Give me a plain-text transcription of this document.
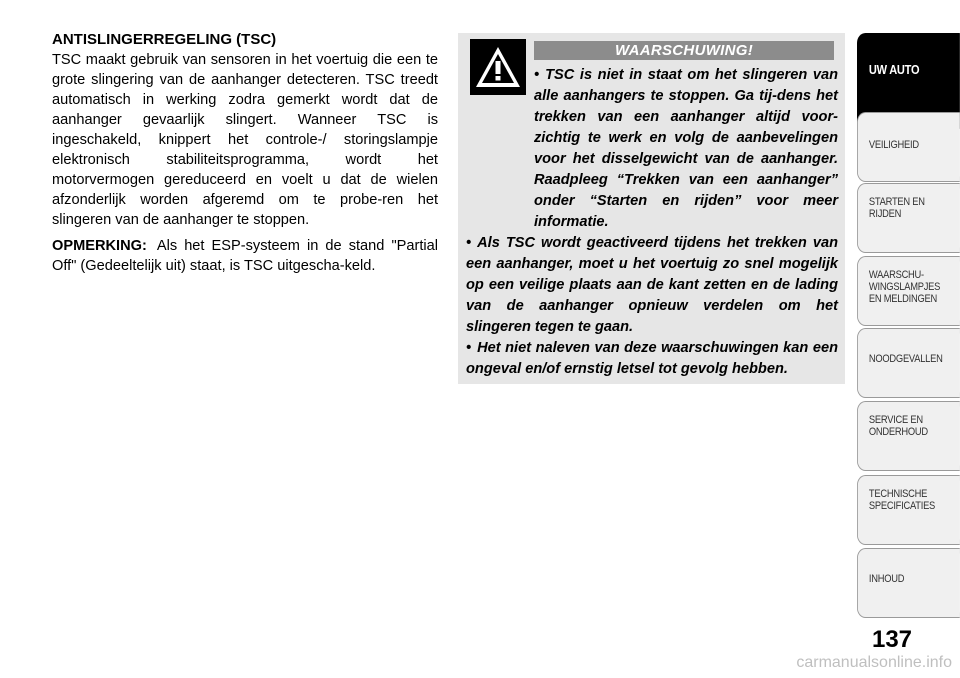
ANTISLINGERREGELING (TSC)

TSC maakt gebruik van sensoren in het voertuig die een te grote slingering van de aanhanger detecteren. TSC treedt automatisch in werking zodra gemerkt wordt dat de aanhanger gevaarlijk slingert. Wanneer TSC is ingeschakeld, knippert het controle-/ storingslampje elektronisch stabiliteitsprogramma, wordt het motorvermogen gereduceerd en voelt u dat de wielen afzonderlijk worden afgeremd om te probe-ren het slingeren van de aanhanger te stoppen.

OPMERKING: Als het ESP-systeem in de stand "Partial Off" (Gedeeltelijk uit) staat, is TSC uitgescha-keld.

WAARSCHUWING!

• TSC is niet in staat om het slingeren van alle aanhangers te stoppen. Ga tij-dens het trekken van een aanhanger altijd voor-zichtig te werk en volg de aanbevelingen voor het disselgewicht van de aanhanger. Raadpleeg “Trekken van een aanhanger” onder “Starten en rijden” voor meer informatie.

• Als TSC wordt geactiveerd tijdens het trekken van een aanhanger, moet u het voertuig zo snel mogelijk op een veilige plaats aan de kant zetten en de lading van de aanhanger opnieuw verdelen om het slingeren tegen te gaan.

• Het niet naleven van deze waarschuwingen kan een ongeval en/of ernstig letsel tot gevolg hebben.

UW AUTO
VEILIGHEID
STARTEN EN
RIJDEN
WAARSCHU-
WINGSLAMPJES
EN MELDINGEN
NOODGEVALLEN
SERVICE EN
ONDERHOUD
TECHNISCHE
SPECIFICATIES
INHOUD
137
carmanualsonline.info
